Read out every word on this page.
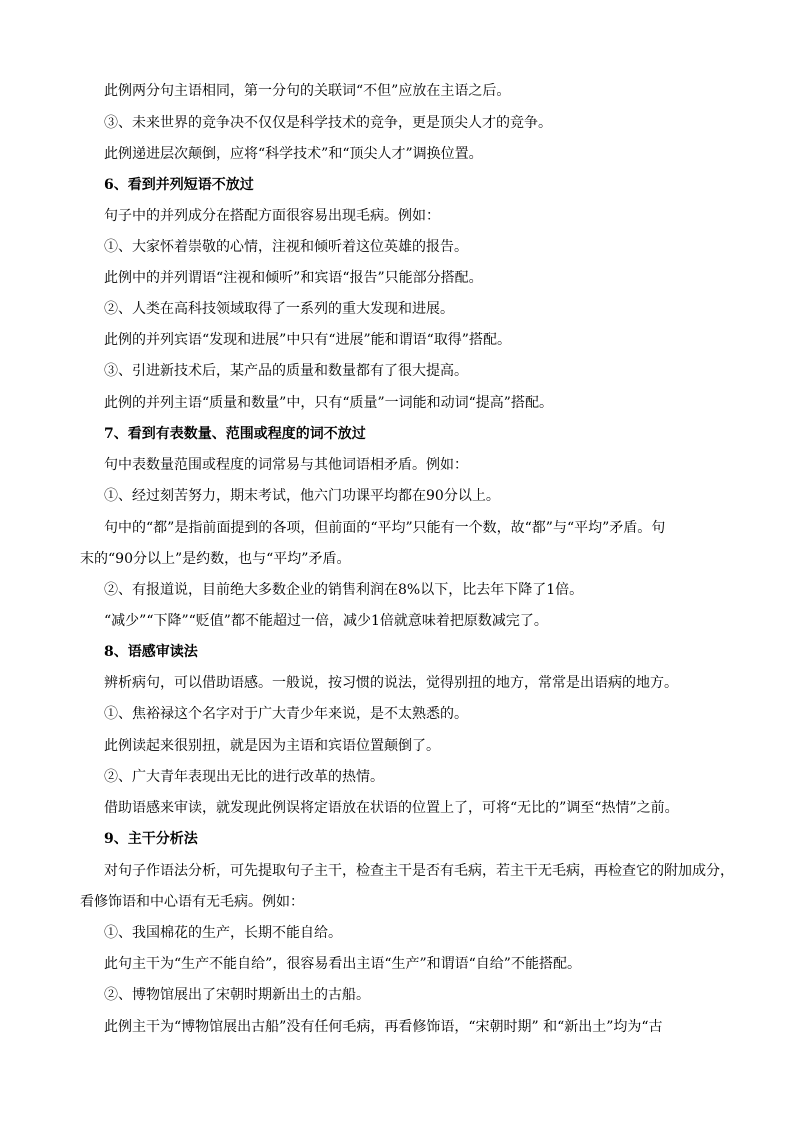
此例两分句主语相同，第一分句的关联词“不但”应放在主语之后。
③、未来世界的竞争决不仅仅是科学技术的竞争，更是顶尖人才的竞争。
此例递进层次颠倒，应将“科学技术”和“顶尖人才”调换位置。
6、看到并列短语不放过
句子中的并列成分在搭配方面很容易出现毛病。例如：
①、大家怀着崇敬的心情，注视和倾听着这位英雄的报告。
此例中的并列谓语“注视和倾听”和宾语“报告”只能部分搭配。
②、人类在高科技领域取得了一系列的重大发现和进展。
此例的并列宾语“发现和进展”中只有“进展”能和谓语“取得”搭配。
③、引进新技术后，某产品的质量和数量都有了很大提高。
此例的并列主语“质量和数量”中，只有“质量”一词能和动词“提高”搭配。
7、看到有表数量、范围或程度的词不放过
句中表数量范围或程度的词常易与其他词语相矛盾。例如：
①、经过刻苦努力，期末考试，他六门功课平均都在90分以上。
句中的“都”是指前面提到的各项，但前面的“平均”只能有一个数，故“都”与“平均”矛盾。句
末的“90分以上”是约数，也与“平均”矛盾。
②、有报道说，目前绝大多数企业的销售利润在8%以下，比去年下降了1倍。
“减少”“下降”“贬值”都不能超过一倍，减少1倍就意味着把原数减完了。
8、语感审读法
辨析病句，可以借助语感。一般说，按习惯的说法，觉得别扭的地方，常常是出语病的地方。
①、焦裕禄这个名字对于广大青少年来说，是不太熟悉的。
此例读起来很别扭，就是因为主语和宾语位置颠倒了。
②、广大青年表现出无比的进行改革的热情。
借助语感来审读，就发现此例误将定语放在状语的位置上了，可将“无比的”调至“热情”之前。
9、主干分析法
对句子作语法分析，可先提取句子主干，检查主干是否有毛病，若主干无毛病，再检查它的附加成分，
看修饰语和中心语有无毛病。例如：
①、我国棉花的生产，长期不能自给。
此句主干为“生产不能自给”，很容易看出主语“生产”和谓语“自给”不能搭配。
②、博物馆展出了宋朝时期新出土的古船。
此例主干为“博物馆展出古船”没有任何毛病，再看修饰语，“宋朝时期” 和“新出土”均为“古
